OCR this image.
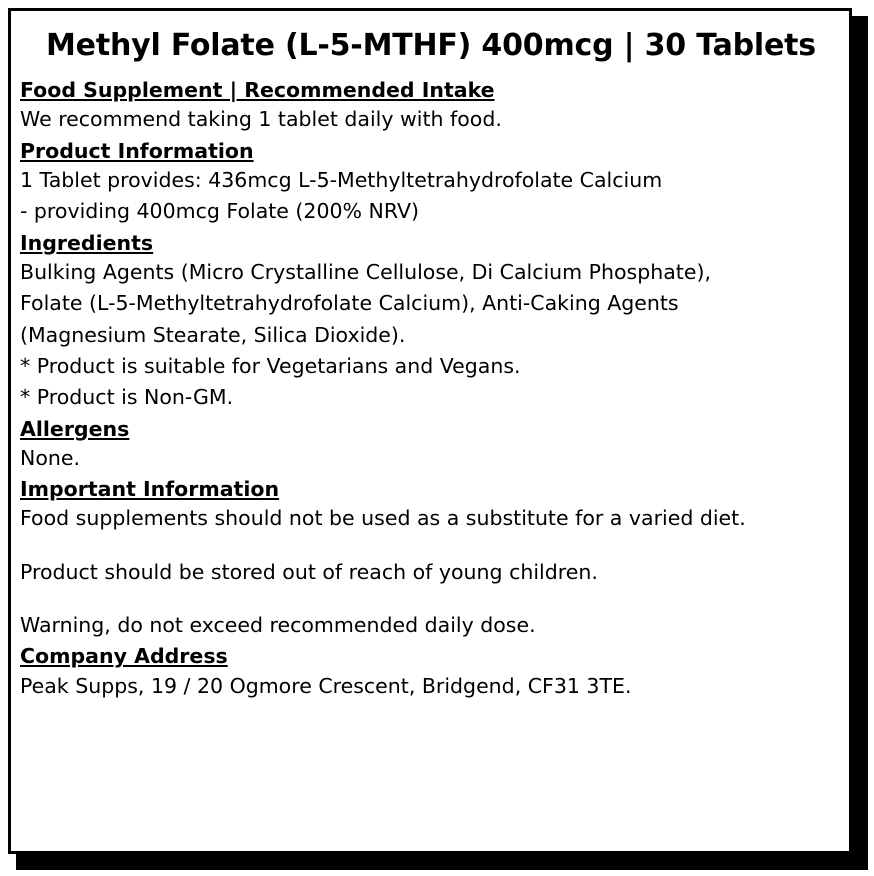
Methyl Folate (L-5-MTHF) 400mcg | 30 Tablets
Food Supplement | Recommended Intake
We recommend taking 1 tablet daily with food.
Product Information
1 Tablet provides: 436mcg L-5-Methyltetrahydrofolate Calcium
- providing 400mcg Folate (200% NRV)
Ingredients
Bulking Agents (Micro Crystalline Cellulose, Di Calcium Phosphate),
Folate (L-5-Methyltetrahydrofolate Calcium), Anti-Caking Agents
(Magnesium Stearate, Silica Dioxide).
* Product is suitable for Vegetarians and Vegans.
* Product is Non-GM.
Allergens
None.
Important Information
Food supplements should not be used as a substitute for a varied diet.
Product should be stored out of reach of young children.
Warning, do not exceed recommended daily dose.
Company Address
Peak Supps, 19 / 20 Ogmore Crescent, Bridgend, CF31 3TE.
